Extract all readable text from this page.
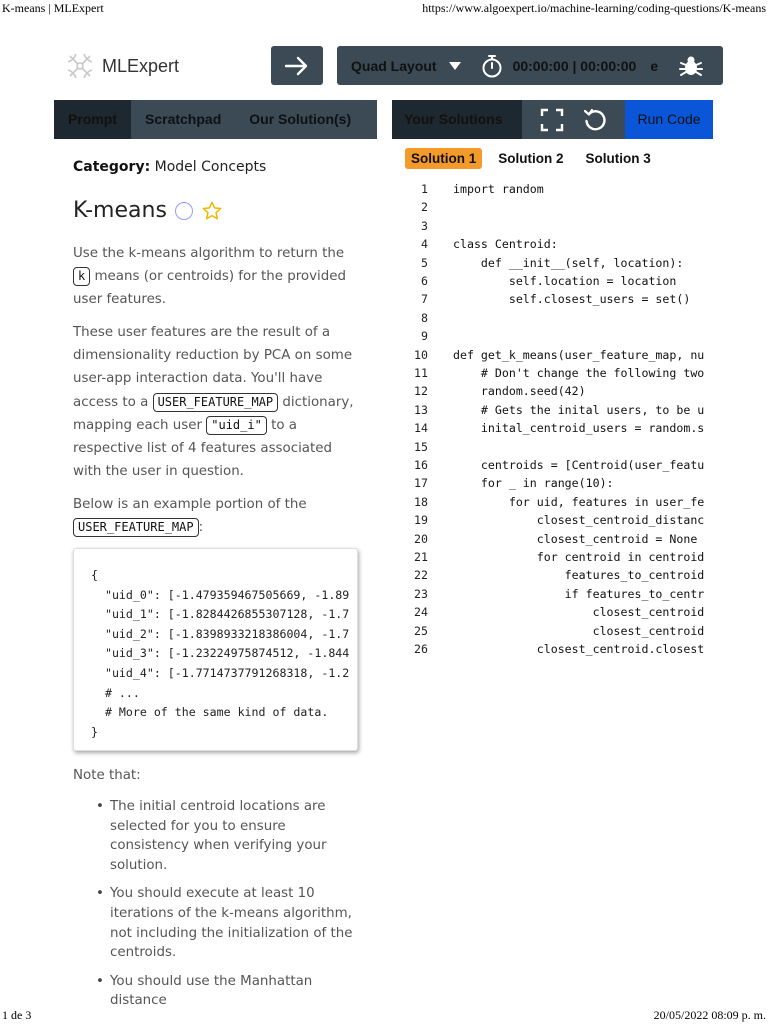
K-means | MLExpert	https://www.algoexpert.io/machine-learning/coding-questions/K-means
MLExpert	Quad Layout	00:00:00 | 00:00:00 e
Prompt	Scratchpad	Our Solution(s)	Your Solutions	Run Code
Category: Model Concepts
K-means
Use the k-means algorithm to return the k means (or centroids) for the provided user features.
These user features are the result of a dimensionality reduction by PCA on some user-app interaction data. You'll have access to a USER_FEATURE_MAP dictionary, mapping each user "uid_i" to a respective list of 4 features associated with the user in question.
Below is an example portion of the USER_FEATURE_MAP :
{
"uid_0": [-1.479359467505669, -1.89
"uid_1": [-1.8284426855307128, -1.7
"uid_2": [-1.8398933218386004, -1.7
"uid_3": [-1.23224975874512, -1.844
"uid_4": [-1.7714737791268318, -1.2
# ...
# More of the same kind of data.
}
Note that:
• The initial centroid locations are selected for you to ensure consistency when verifying your solution.
• You should execute at least 10 iterations of the k-means algorithm, not including the initialization of the centroids.
• You should use the Manhattan distance
Solution 1	Solution 2	Solution 3
1 import random
2
3
4 class Centroid:
5    def __init__(self, location):
6        self.location = location
7        self.closest_users = set()
8
9
10 def get_k_means(user_feature_map, nu
11    # Don't change the following two
12    random.seed(42)
13    # Gets the inital users, to be u
14    inital_centroid_users = random.s
15
16    centroids = [Centroid(user_featu
17    for _ in range(10):
18        for uid, features in user_fe
19            closest_centroid_distanc
20            closest_centroid = None
21            for centroid in centroid
22                features_to_centroid
23                if features_to_centr
24                    closest_centroid
25                    closest_centroid
26            closest_centroid.closest
1 de 3	20/05/2022 08:09 p. m.
